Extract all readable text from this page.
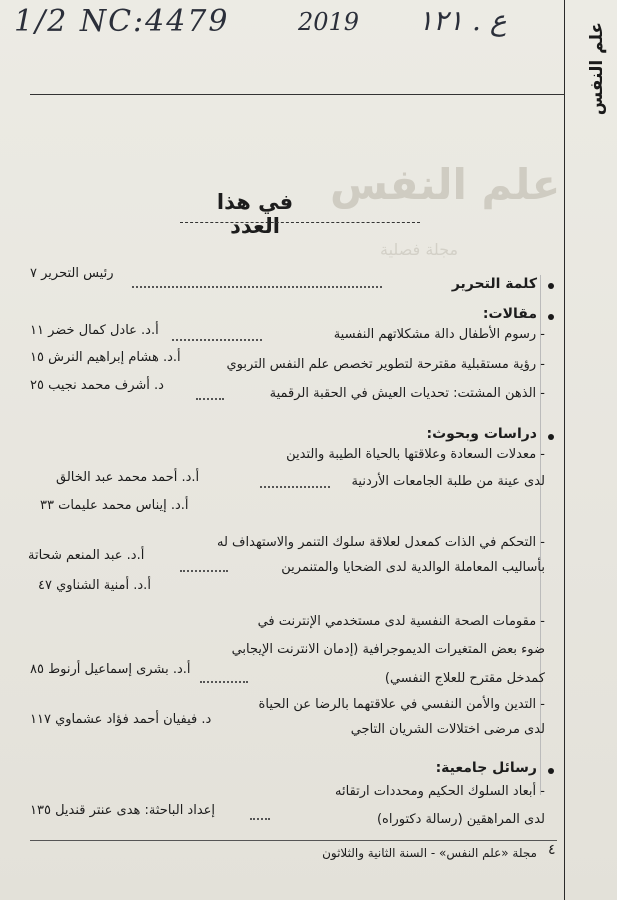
1/2 NC:4479	2019 ع . ١٢١
علم النفس
علم النفس
مجلة فصلية
في هذا العدد
كلمة التحرير
رئيس التحرير ٧
مقالات:
- رسوم الأطفال دالة مشكلاتهم النفسية
أ.د. عادل كمال خضر ١١
- رؤية مستقبلية مقترحة لتطوير تخصص علم النفس التربوي
أ.د. هشام إبراهيم النرش ١٥
- الذهن المشتت: تحديات العيش في الحقبة الرقمية
د. أشرف محمد نجيب ٢٥
دراسات وبحوث:
- معدلات السعادة وعلاقتها بالحياة الطيبة والتدين
لدى عينة من طلبة الجامعات الأردنية
أ.د. أحمد محمد عبد الخالق
أ.د. إيناس محمد عليمات ٣٣
- التحكم في الذات كمعدل لعلاقة سلوك التنمر والاستهداف له
بأساليب المعاملة الوالدية لدى الضحايا والمتنمرين
أ.د. عبد المنعم شحاتة
أ.د. أمنية الشناوي ٤٧
- مقومات الصحة النفسية لدى مستخدمي الإنترنت في
ضوء بعض المتغيرات الديموجرافية (إدمان الانترنت الإيجابي
كمدخل مقترح للعلاج النفسي)
أ.د. بشرى إسماعيل أرنوط ٨٥
- التدين والأمن النفسي في علاقتهما بالرضا عن الحياة
لدى مرضى اختلالات الشريان التاجي
د. فيفيان أحمد فؤاد عشماوي ١١٧
رسائل جامعية:
- أبعاد السلوك الحكيم ومحددات ارتقائه
لدى المراهقين (رسالة دكتوراه)
إعداد الباحثة: هدى عنتر قنديل ١٣٥
٤
مجلة «علم النفس» - السنة الثانية والثلاثون
